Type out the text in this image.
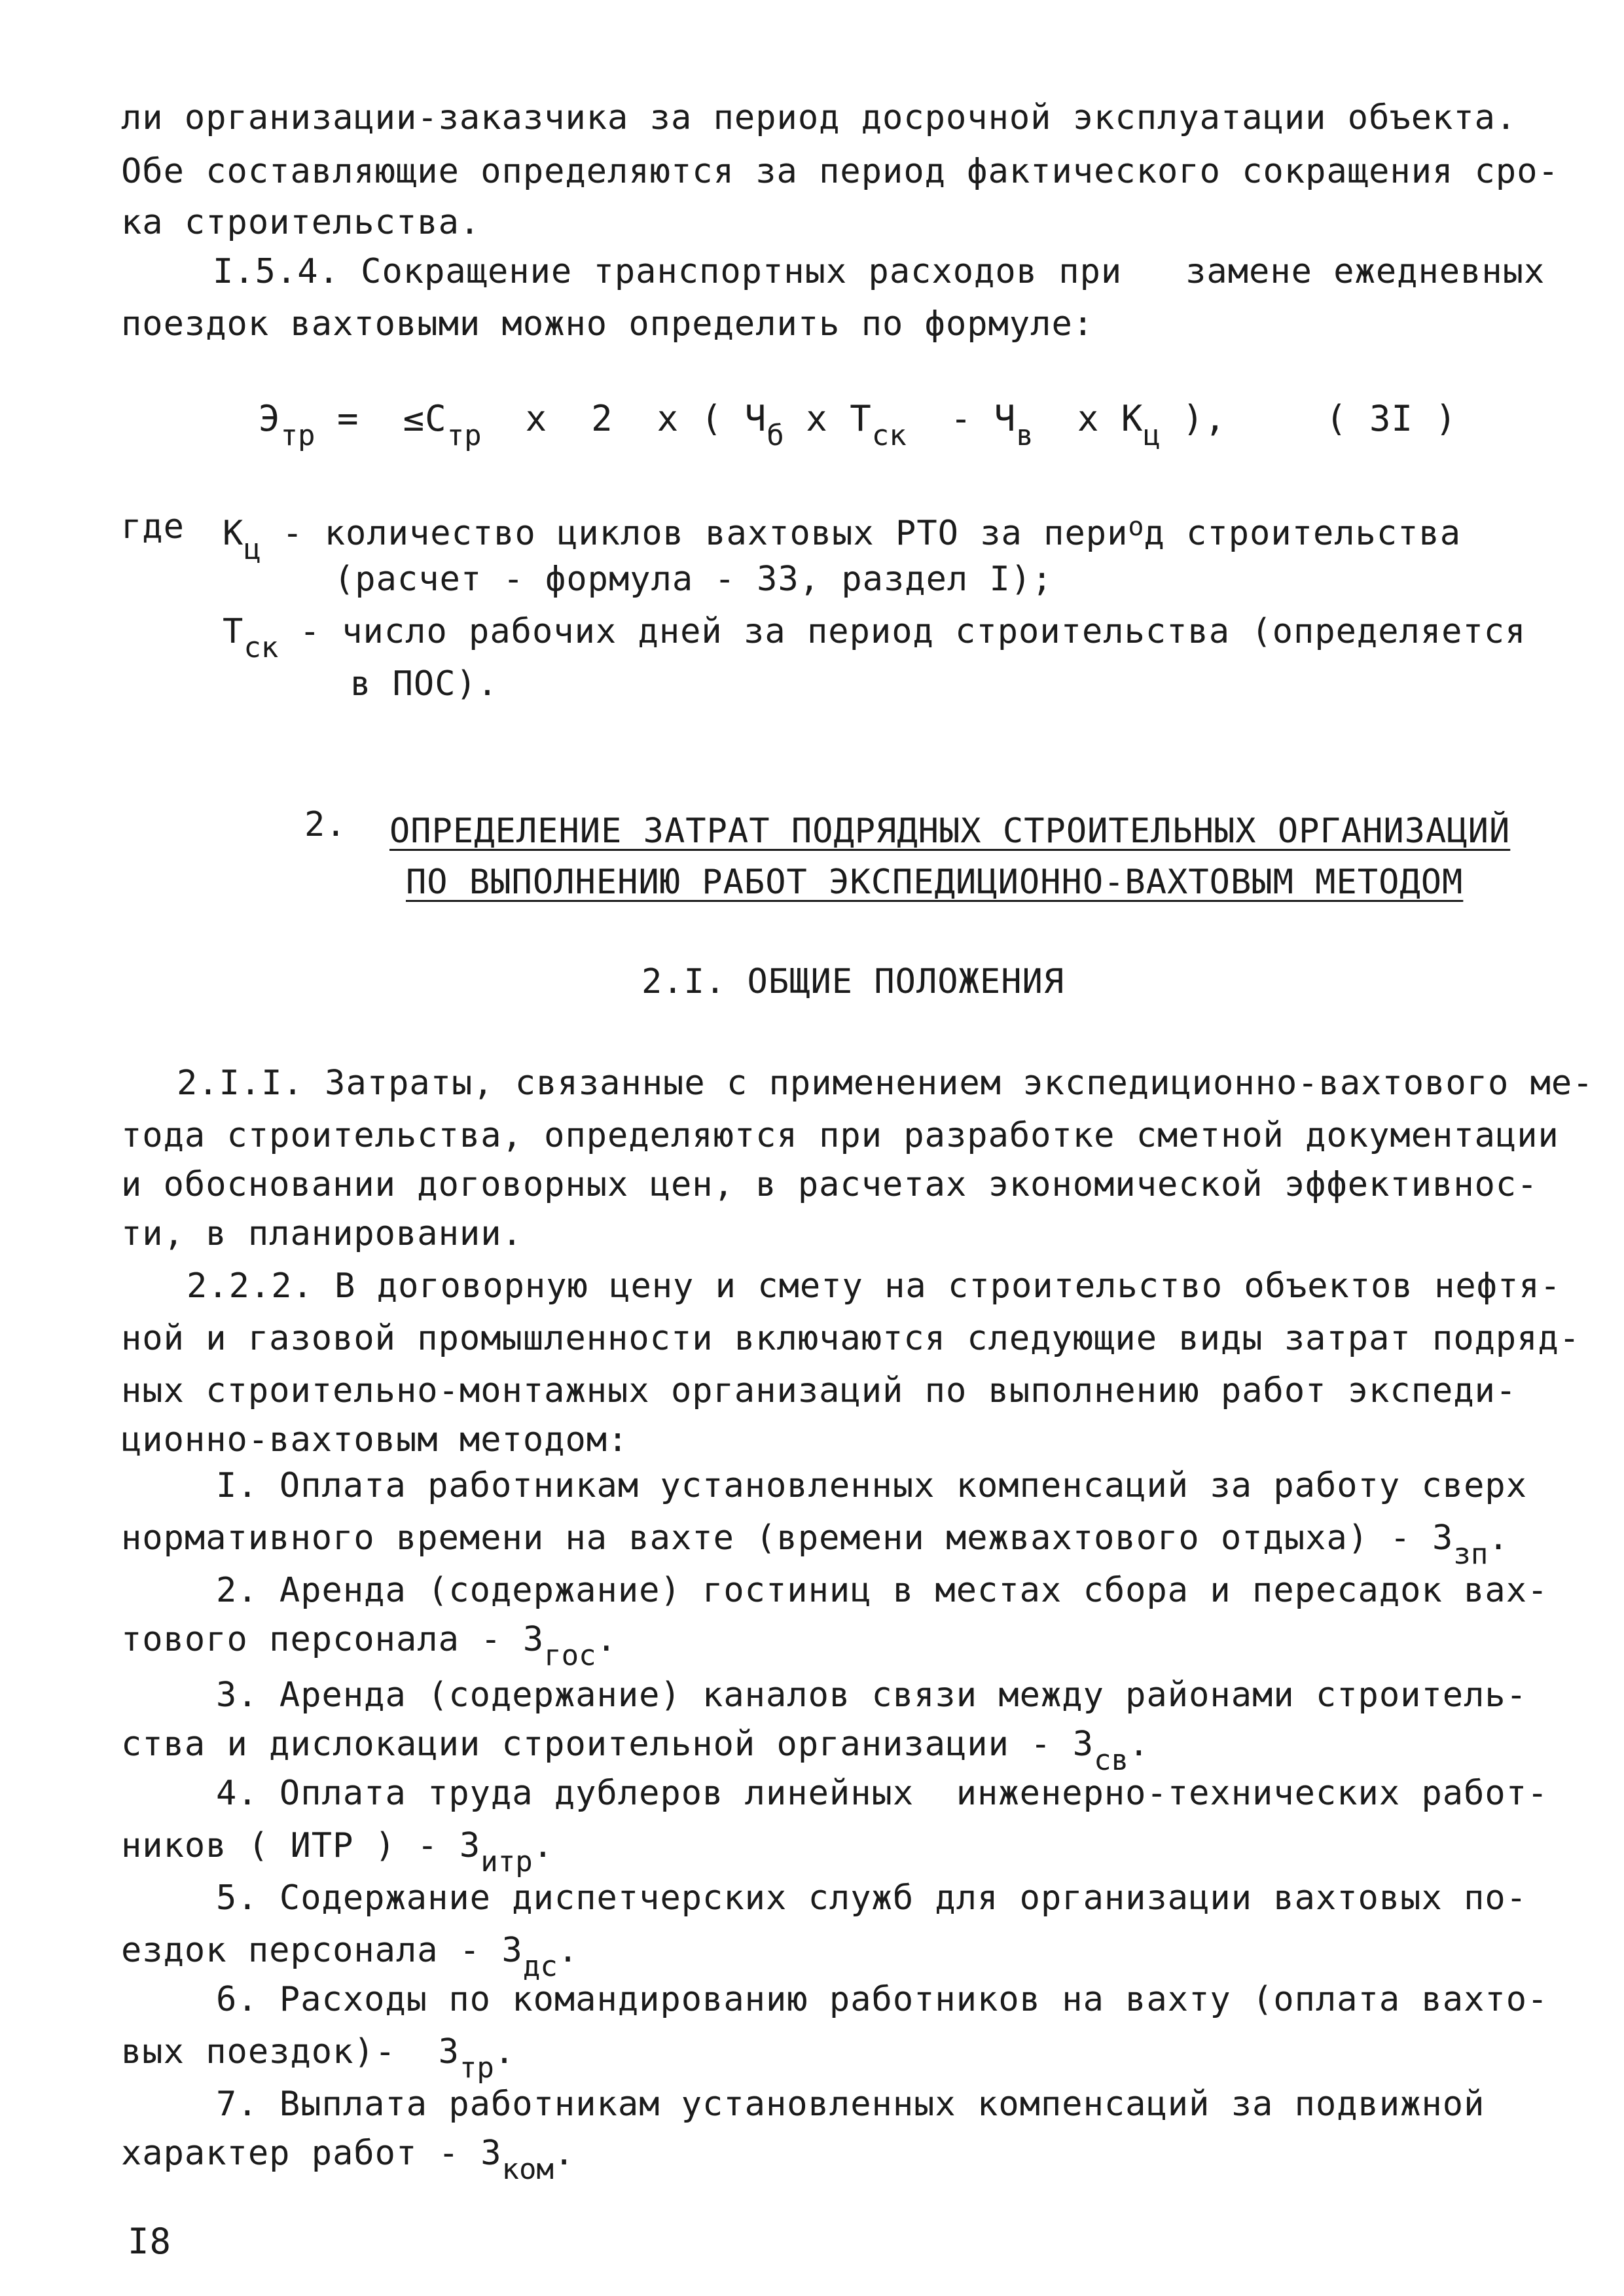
ли организации-заказчика за период досрочной эксплуатации объекта.
Обе составляющие определяются за период фактического сокращения сро-
ка строительства.
I.5.4. Сокращение транспортных расходов при   замене ежедневных
поездок вахтовыми можно определить по формуле:
$Э_{тр} = \le С_{тр}$  х  2  х ( $Ч_б$ х $Т_{ск} - Ч_в$  х $К_ц$ ),	( 3I )
где $К_ц$ - количество циклов вахтовых РТО за пери$^о$д строительства
(расчет - формула - 33, раздел I);
$Т_{ск}$ - число рабочих дней за период строительства (определяется
в ПОС).
2. ОПРЕДЕЛЕНИЕ ЗАТРАТ ПОДРЯДНЫХ СТРОИТЕЛЬНЫХ ОРГАНИЗАЦИЙ
ПО ВЫПОЛНЕНИЮ РАБОТ ЭКСПЕДИЦИОННО-ВАХТОВЫМ МЕТОДОМ
2.I. ОБЩИЕ ПОЛОЖЕНИЯ
2.I.I. Затраты, связанные с применением экспедиционно-вахтового ме-
тода строительства, определяются при разработке сметной документации
и обосновании договорных цен, в расчетах экономической эффективнос-
ти, в планировании.
2.2.2. В договорную цену и смету на строительство объектов нефтя-
ной и газовой промышленности включаются следующие виды затрат подряд-
ных строительно-монтажных организаций по выполнению работ экспеди-
ционно-вахтовым методом:
I. Оплата работникам установленных компенсаций за работу сверх
нормативного времени на вахте (времени межвахтового отдыха) - $З_{зп}$.
2. Аренда (содержание) гостиниц в местах сбора и пересадок вах-
тового персонала - $З_{гос}$.
3. Аренда (содержание) каналов связи между районами строитель-
ства и дислокации строительной организации - $З_{св}$.
4. Оплата труда дублеров линейных  инженерно-технических работ-
ников ( ИТР ) - $З_{итр}$.
5. Содержание диспетчерских служб для организации вахтовых по-
ездок персонала - $З_{дс}$.
6. Расходы по командированию работников на вахту (оплата вахто-
вых поездок)-  $З_{тр}$.
7. Выплата работникам установленных компенсаций за подвижной
характер работ - $З_{ком}$.
I8
